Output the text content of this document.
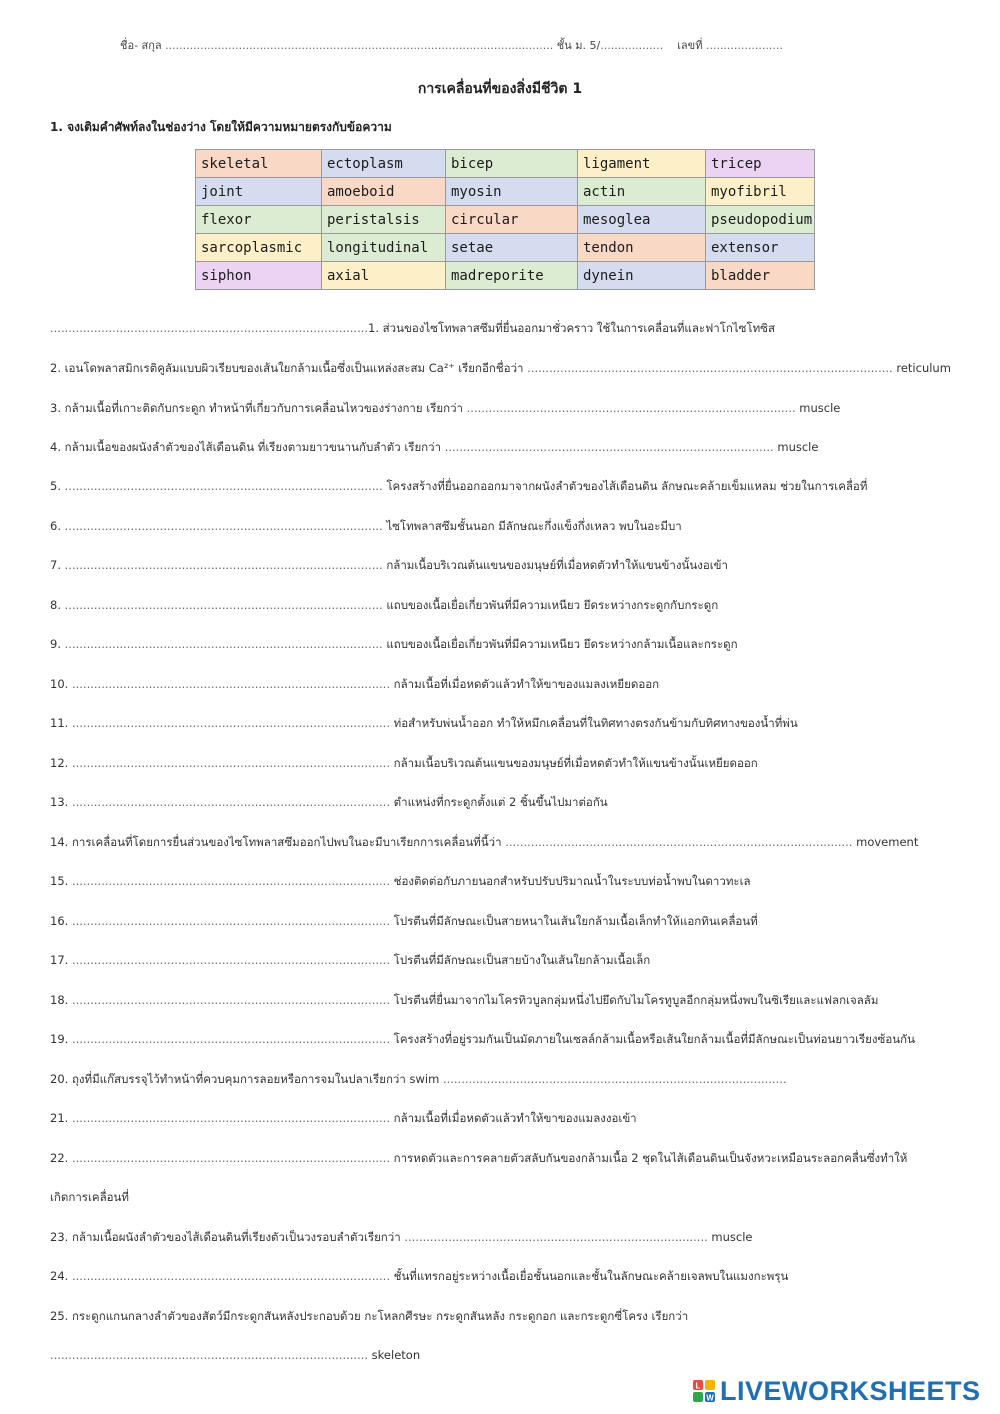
ชื่อ- สกุล ............................................................................................................... ชั้น ม. 5/.................. เลขที่ ......................
การเคลื่อนที่ของสิ่งมีชีวิต 1
1. จงเติมคำศัพท์ลงในช่องว่าง โดยให้มีความหมายตรงกับข้อความ
skeletal	ectoplasm	bicep	ligament	tricep
joint	amoeboid	myosin	actin	myofibril
flexor	peristalsis	circular	mesoglea	pseudopodium
sarcoplasmic	longitudinal	setae	tendon	extensor
siphon	axial	madreporite	dynein	bladder
.......................................................................................1. ส่วนของไซโทพลาสซึมที่ยื่นออกมาชั่วคราว ใช้ในการเคลื่อนที่และฟาโกไซโทซิส
2. เอนโดพลาสมิกเรติคูลัมแบบผิวเรียบของเส้นใยกล้ามเนื้อซึ่งเป็นแหล่งสะสม Ca²⁺ เรียกอีกชื่อว่า .................................................................................................... reticulum
3. กล้ามเนื้อที่เกาะติดกับกระดูก ทำหน้าที่เกี่ยวกับการเคลื่อนไหวของร่างกาย เรียกว่า .......................................................................................... muscle
4. กล้ามเนื้อของผนังลำตัวของไส้เดือนดิน ที่เรียงตามยาวขนานกับลำตัว เรียกว่า .......................................................................................... muscle
5. ....................................................................................... โครงสร้างที่ยื่นออกออกมาจากผนังลำตัวของไส้เดือนดิน ลักษณะคล้ายเข็มแหลม ช่วยในการเคลื่อที่
6. ....................................................................................... ไซโทพลาสซึมชั้นนอก มีลักษณะกึ่งแข็งกึ่งเหลว พบในอะมีบา
7. ....................................................................................... กล้ามเนื้อบริเวณต้นแขนของมนุษย์ที่เมื่อหดตัวทำให้แขนข้างนั้นงอเข้า
8. ....................................................................................... แถบของเนื้อเยื่อเกี่ยวพันที่มีความเหนียว ยึดระหว่างกระดูกกับกระดูก
9. ....................................................................................... แถบของเนื้อเยื่อเกี่ยวพันที่มีความเหนียว ยึดระหว่างกล้ามเนื้อและกระดูก
10. ....................................................................................... กล้ามเนื้อที่เมื่อหดตัวแล้วทำให้ขาของแมลงเหยียดออก
11. ....................................................................................... ท่อสำหรับพ่นน้ำออก ทำให้หมึกเคลื่อนที่ในทิศทางตรงกันข้ามกับทิศทางของน้ำที่พ่น
12. ....................................................................................... กล้ามเนื้อบริเวณต้นแขนของมนุษย์ที่เมื่อหดตัวทำให้แขนข้างนั้นเหยียดออก
13. ....................................................................................... ตำแหน่งที่กระดูกตั้งแต่ 2 ชิ้นขึ้นไปมาต่อกัน
14. การเคลื่อนที่โดยการยื่นส่วนของไซโทพลาสซึมออกไปพบในอะมีบาเรียกการเคลื่อนที่นี้ว่า ............................................................................................... movement
15. ....................................................................................... ช่องติดต่อกับภายนอกสำหรับปรับปริมาณน้ำในระบบท่อน้ำพบในดาวทะเล
16. ....................................................................................... โปรตีนที่มีลักษณะเป็นสายหนาในเส้นใยกล้ามเนื้อเล็กทำให้แอกทินเคลื่อนที่
17. ....................................................................................... โปรตีนที่มีลักษณะเป็นสายบ้างในเส้นใยกล้ามเนื้อเล็ก
18. ....................................................................................... โปรตีนที่ยื่นมาจากไมโครทิวบูลกลุ่มหนึ่งไปยึดกับไมโครทูบูลอีกกลุ่มหนึ่งพบในซิเรียและแฟลกเจลลัม
19. ....................................................................................... โครงสร้างที่อยู่รวมกันเป็นมัดภายในเซลล์กล้ามเนื้อหรือเส้นใยกล้ามเนื้อที่มีลักษณะเป็นท่อนยาวเรียงซ้อนกัน
20. ถุงที่มีแก๊สบรรจุไว้ทำหน้าที่ควบคุมการลอยหรือการจมในปลาเรียกว่า swim ..............................................................................................
21. ....................................................................................... กล้ามเนื้อที่เมื่อหดตัวแล้วทำให้ขาของแมลงงอเข้า
22. ....................................................................................... การหดตัวและการคลายตัวสลับกันของกล้ามเนื้อ 2 ชุดในไส้เดือนดินเป็นจังหวะเหมือนระลอกคลื่นซึ่งทำให้
เกิดการเคลื่อนที่
23. กล้ามเนื้อผนังลำตัวของไส้เดือนดินที่เรียงตัวเป็นวงรอบลำตัวเรียกว่า ................................................................................... muscle
24. ....................................................................................... ชั้นที่แทรกอยู่ระหว่างเนื้อเยื่อชั้นนอกและชั้นในลักษณะคล้ายเจลพบในแมงกะพรุน
25. กระดูกแกนกลางลำตัวของสัตว์มีกระดูกสันหลังประกอบด้วย กะโหลกศีรษะ กระดูกสันหลัง กระดูกอก และกระดูกซี่โครง เรียกว่า
....................................................................................... skeleton
L
W LIVEWORKSHEETS
